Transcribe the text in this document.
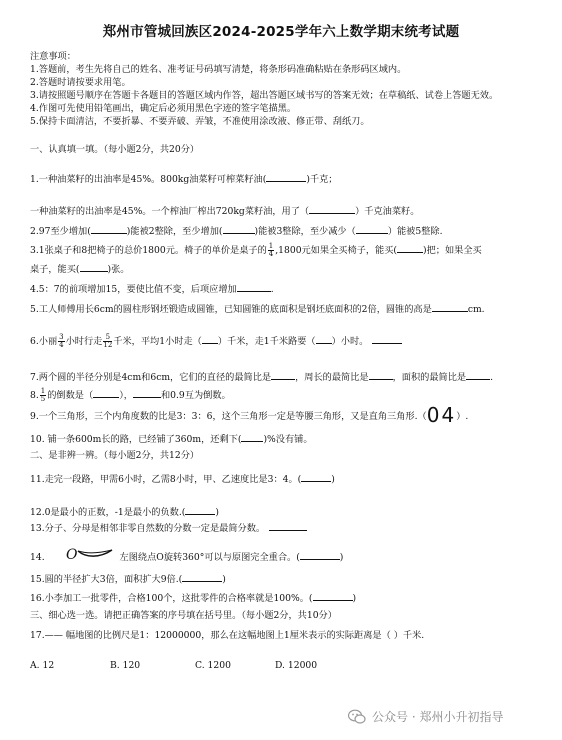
郑州市管城回族区2024-2025学年六上数学期末统考试题
注意事项：
1.答题前，考生先将自己的姓名、准考证号码填写清楚，将条形码准确粘贴在条形码区域内。
2.答题时请按要求用笔。
3.请按照题号顺序在答题卡各题目的答题区域内作答，超出答题区域书写的答案无效；在草稿纸、试卷上答题无效。
4.作图可先使用铅笔画出，确定后必须用黑色字迹的签字笔描黑。
5.保持卡面清洁，不要折暴、不要弄破、弄皱，不准使用涂改液、修正带、刮纸刀。
一、认真填一填。（每小题2分，共20分）
1.一种油菜籽的出油率是45%。800kg油菜籽可榨菜籽油(	)千克；
一种油菜籽的出油率是45%。一个榨油厂榨出720kg菜籽油，用了（	）千克油菜籽。
2.97至少增加(	)能被2整除，至少增加(	)能被3整除，至少减少（	）能被5整除.
3.1张桌子和8把椅子的总价1800元。椅子的单价是桌子的 $\frac{1}{4} ,1800$元如果全买椅子，能买(	)把；如果全买
桌子，能买(	)张。
4.5：7的前项增加15，要使比值不变，后项应增加	.
5.工人师傅用长6cm的圆柱形钢坯锻造成圆锥，已知圆锥的底面积是钢坯底面积的2倍，圆锥的高是	cm.
6.小丽 $\frac{3}{4}$ 小时行走 $\frac{5}{12}$ 千米，平均1小时走（ ）千米，走1千米路要（ ）小时。
7.两个圆的半径分别是4cm和6cm，它们的直径的最简比是	，周长的最简比是	，面积的最简比是	.
8. $\frac{1}{5}$ 的倒数是（	），	和0.9互为倒数。
9.一个三角形，三个内角度数的比是3：3：6，这个三角形一定是等腰三角形，又是直角三角形.（04）.
10. 铺一条600m长的路，已经铺了360m，还剩下( )%没有铺。
二、是非辨一辨。（每小题2分，共12分）
11.走完一段路，甲需6小时，乙需8小时，甲、乙速度比是3：4。(	)
12.0是最小的正数，-1是最小的负数.(	)
13.分子、分母是相邻非零自然数的分数一定是最简分数。
14. O	左图绕点O旋转360°可以与原图完全重合。(	)
15.圆的半径扩大3倍，面积扩大9倍.(	)
16.小李加工一批零件，合格100个，这批零件的合格率就是100%。(	)
三、细心选一选。请把正确答案的序号填在括号里。（每小题2分，共10分）
17.—— 幅地图的比例尺是1：12000000，那么在这幅地图上1厘米表示的实际距离是（ ）千米.
A. 12	B. 120	C. 1200	D. 12000
公众号 · 郑州小升初指导
